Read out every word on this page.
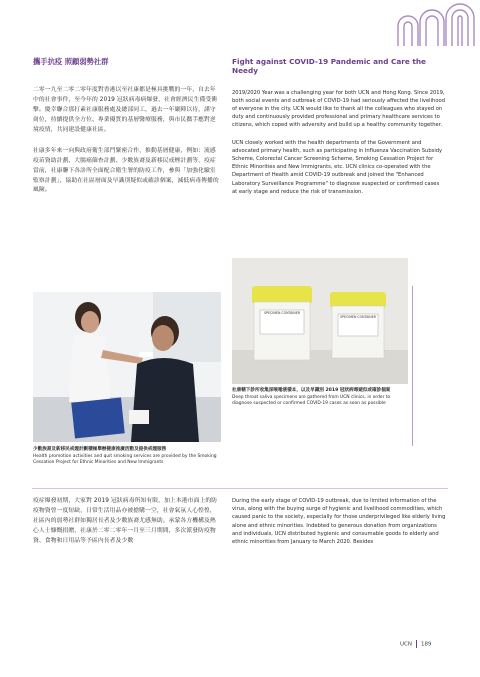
攜手抗疫 照顧弱勢社群

二零一九至二零二零年度對香港以至社康都是極具挑戰的一年，自去年中的社會事件，至今年的 2019 冠狀病毒病爆發，社會經濟民生備受衝擊。慶幸聯合那打素社康服務處及總部同工，過去一年嚴陣以待，謹守崗位，持續提供全方位、專業優質的基層醫療服務，與市民攜手應對逆境疫情，共同建設健康社區。

社康多年來一向與政府衛生部門緊密合作，推動基層健康，例如：流感疫苗資助計劃、大腸癌篩查計劃、少數族裔及新移民戒煙計劃等，疫症當前，社康聯下各診所全面配合衛生署的防疫工作，參與「加強化驗室監察計劃」，協助在社區層面及早識別疑似或確診個案，減低病毒傳播的風險。

Fight against COVID-19 Pandemic and Care the Needy

2019/2020 Year was a challenging year for both UCN and Hong Kong. Since 2019, both social events and outbreak of COVID-19 had seriously affected the livelihood of everyone in the city. UCN would like to thank all the colleagues who stayed on duty and continuously provided professional and primary healthcare services to citizens, which coped with adversity and build up a healthy community together.

UCN closely worked with the health departments of the Government and advocated primary health, such as participating in Influenza Vaccination Subsidy Scheme, Colorectal Cancer Screening Scheme, Smoking Cessation Project for Ethnic Minorities and New Immigrants, etc. UCN clinics co-operated with the Department of Health amid COVID-19 outbreak and joined the "Enhanced Laboratory Surveillance Programme" to diagnose suspected or confirmed cases at early stage and reduce the risk of transmission.

少數族裔及新移民戒煙計劃積極舉辦健康推廣活動及提供戒煙服務

Health promotion activities and quit smoking services are provided by the Smoking Cessation Project for Ethnic Minorities and New Immigrants

SPECIMEN CONTAINER
SPECIMEN CONTAINER

社康轄下診所收集深喉唾液樣本，以及早識別 2019 冠狀病毒疑似或確診個案

Deep throat saliva specimens are gathered from UCN clinics, in order to diagnose suspected or confirmed COVID-19 cases as soon as possible

疫症爆發初期，大家對 2019 冠狀病毒所知有限，加上本港市面上的防疫物資曾一度短缺，日常生活用品亦被搶購一空，社會氣氛人心惶惶，社區內的弱勢社群如獨居長者及少數族裔尤感無助。承蒙各方機構及熱心人士慷慨捐贈，社康於二零二零年一月至三月期間，多次派發防疫物資、食物和日用品等予區內長者及少數

During the early stage of COVID-19 outbreak, due to limited information of the virus, along with the buying surge of hygienic and livelihood commodities, which caused panic to the society, especially for those underprivileged like elderly living alone and ethnic minorities. Indebted to generous donation from organizations and individuals, UCN distributed hygienic and consumable goods to elderly and ethnic minorities from January to March 2020. Besides

UCN 189
